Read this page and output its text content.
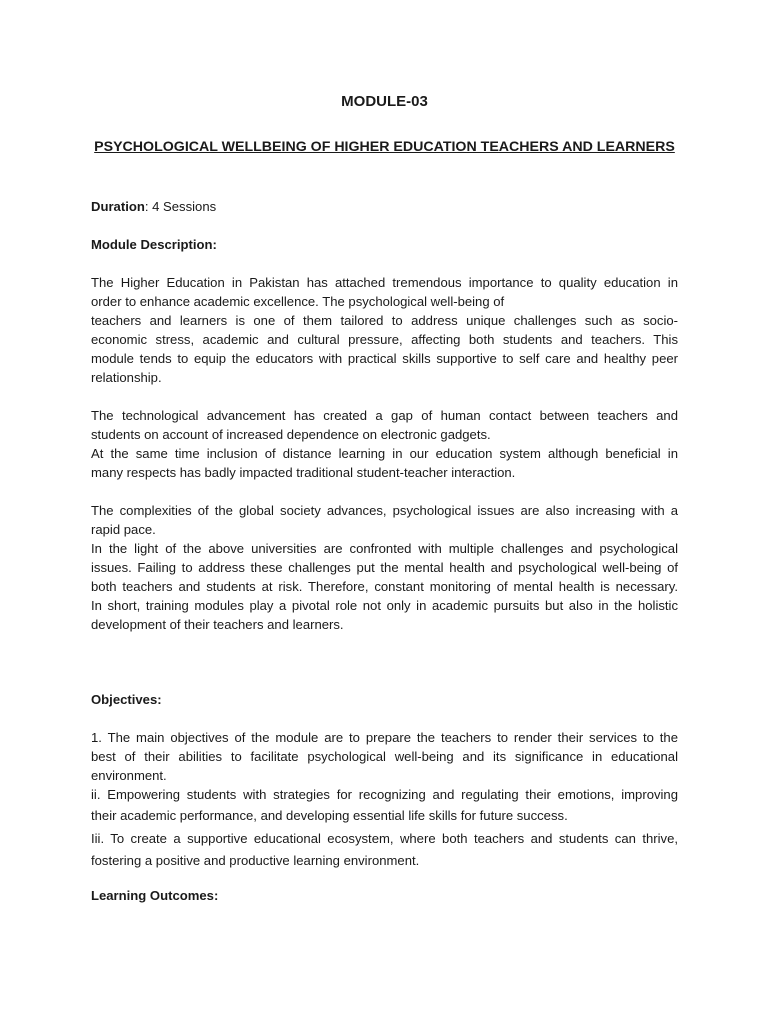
MODULE-03
PSYCHOLOGICAL WELLBEING OF HIGHER EDUCATION TEACHERS AND LEARNERS

Duration: 4 Sessions

Module Description:

The Higher Education in Pakistan has attached tremendous importance to quality education in

order to enhance academic excellence. The psychological well-being of

teachers and learners is one of them tailored to address unique challenges such as socio-

economic stress, academic and cultural pressure, affecting both students and teachers. This

module tends to equip the educators with practical skills supportive to self care and healthy peer

relationship.

The technological advancement has created a gap of human contact between teachers and

students on account of increased dependence on electronic gadgets.

At the same time inclusion of distance learning in our education system although beneficial in

many respects has badly impacted traditional student-teacher interaction.

The complexities of the global society advances, psychological issues are also increasing with a

rapid pace.

In the light of the above universities are confronted with multiple challenges and psychological

issues. Failing to address these challenges put the mental health and psychological well-being of

both teachers and students at risk. Therefore, constant monitoring of mental health is necessary.

In short, training modules play a pivotal role not only in academic pursuits but also in the holistic

development of their teachers and learners.

Objectives:

1. The main objectives of the module are to prepare the teachers to render their services to the

best of their abilities to facilitate psychological well-being and its significance in educational

environment.

ii. Empowering students with strategies for recognizing and regulating their emotions, improving

their academic performance, and developing essential life skills for future success.

Iii. To create a supportive educational ecosystem, where both teachers and students can thrive,

fostering a positive and productive learning environment.

Learning Outcomes:
